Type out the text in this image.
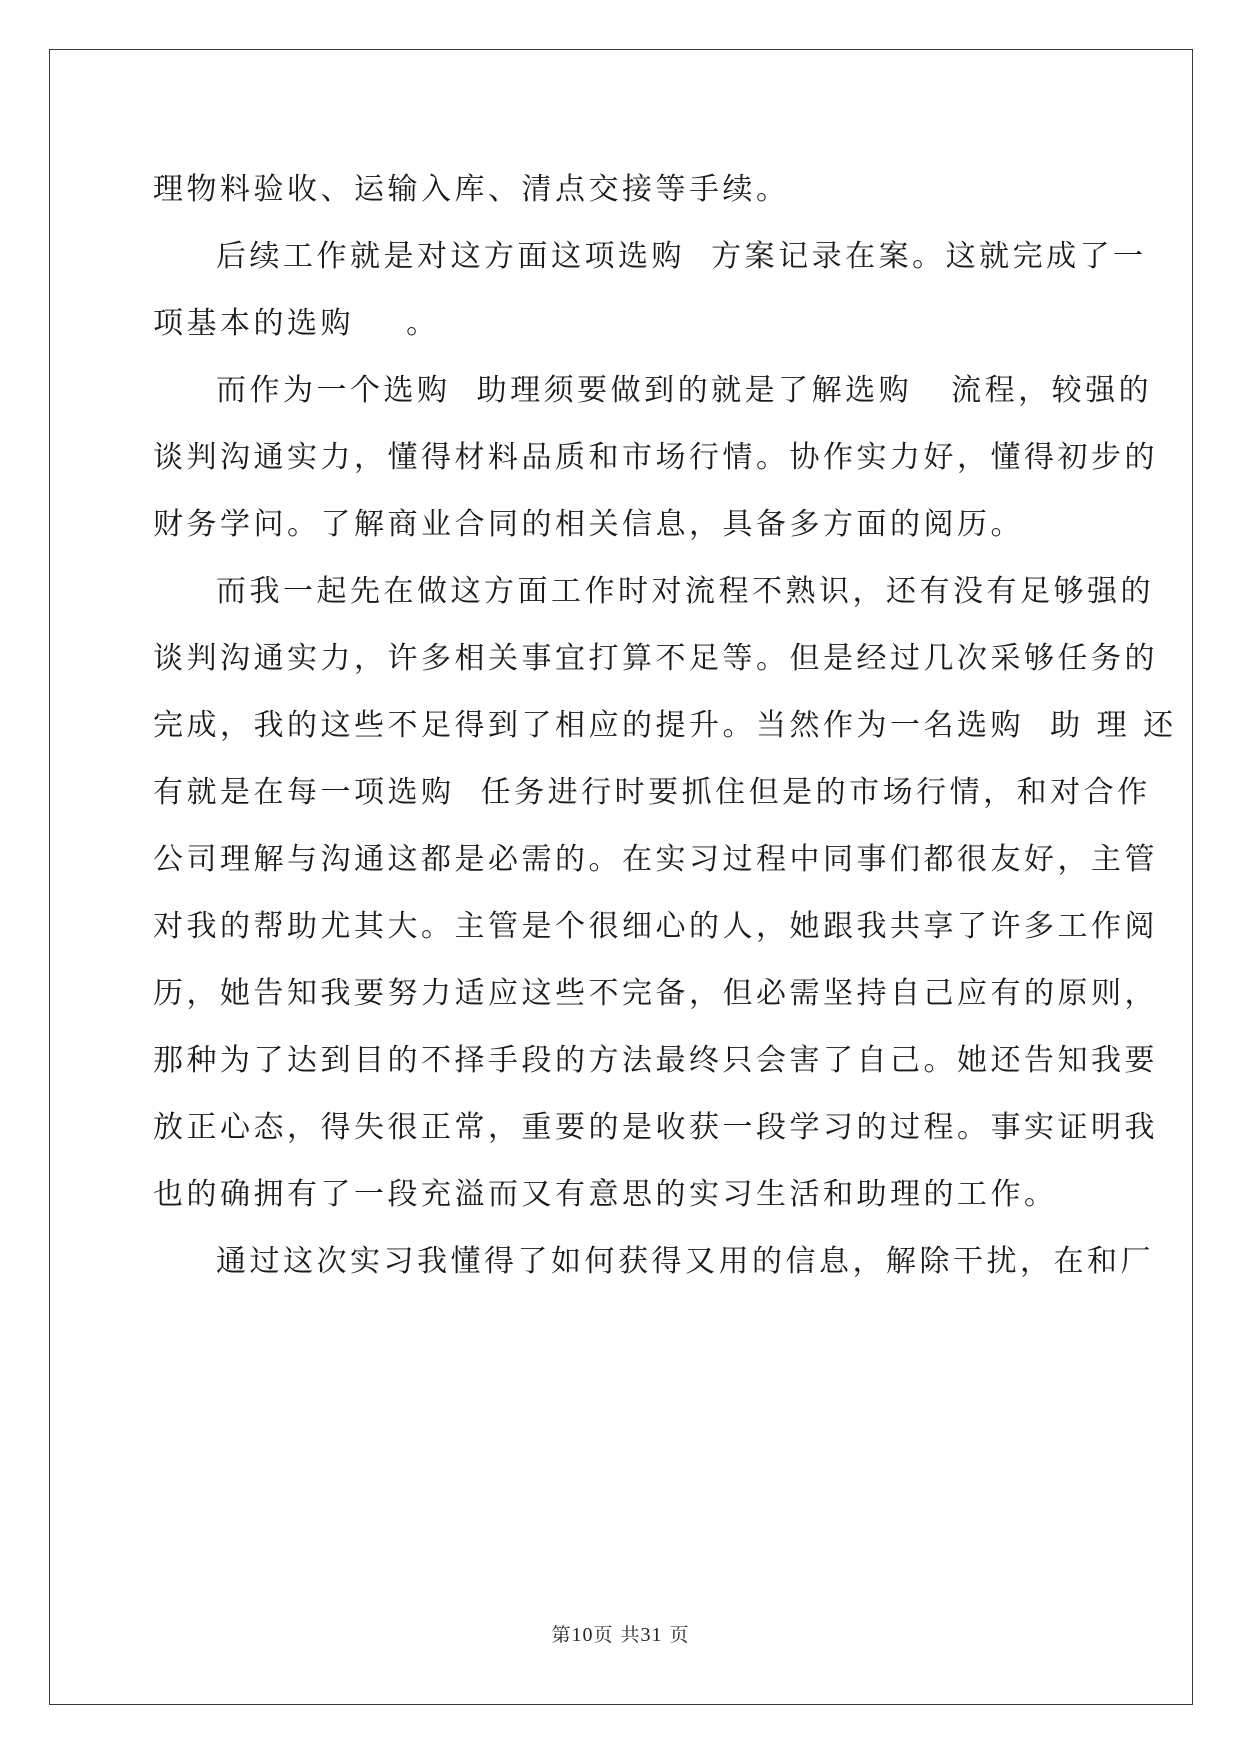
理物料验收、运输入库、清点交接等手续。
后续工作就是对这方面这项选购  方案记录在案。这就完成了一
项基本的选购    。
而作为一个选购  助理须要做到的就是了解选购   流程，较强的
谈判沟通实力，懂得材料品质和市场行情。协作实力好，懂得初步的
财务学问。了解商业合同的相关信息，具备多方面的阅历。
而我一起先在做这方面工作时对流程不熟识，还有没有足够强的
谈判沟通实力，许多相关事宜打算不足等。但是经过几次采够任务的
完成，我的这些不足得到了相应的提升。当然作为一名选购  助 理 还
有就是在每一项选购  任务进行时要抓住但是的市场行情，和对合作
公司理解与沟通这都是必需的。在实习过程中同事们都很友好，主管
对我的帮助尤其大。主管是个很细心的人，她跟我共享了许多工作阅
历，她告知我要努力适应这些不完备，但必需坚持自己应有的原则，
那种为了达到目的不择手段的方法最终只会害了自己。她还告知我要
放正心态，得失很正常，重要的是收获一段学习的过程。事实证明我
也的确拥有了一段充溢而又有意思的实习生活和助理的工作。
通过这次实习我懂得了如何获得又用的信息，解除干扰，在和厂
第10页 共31 页
